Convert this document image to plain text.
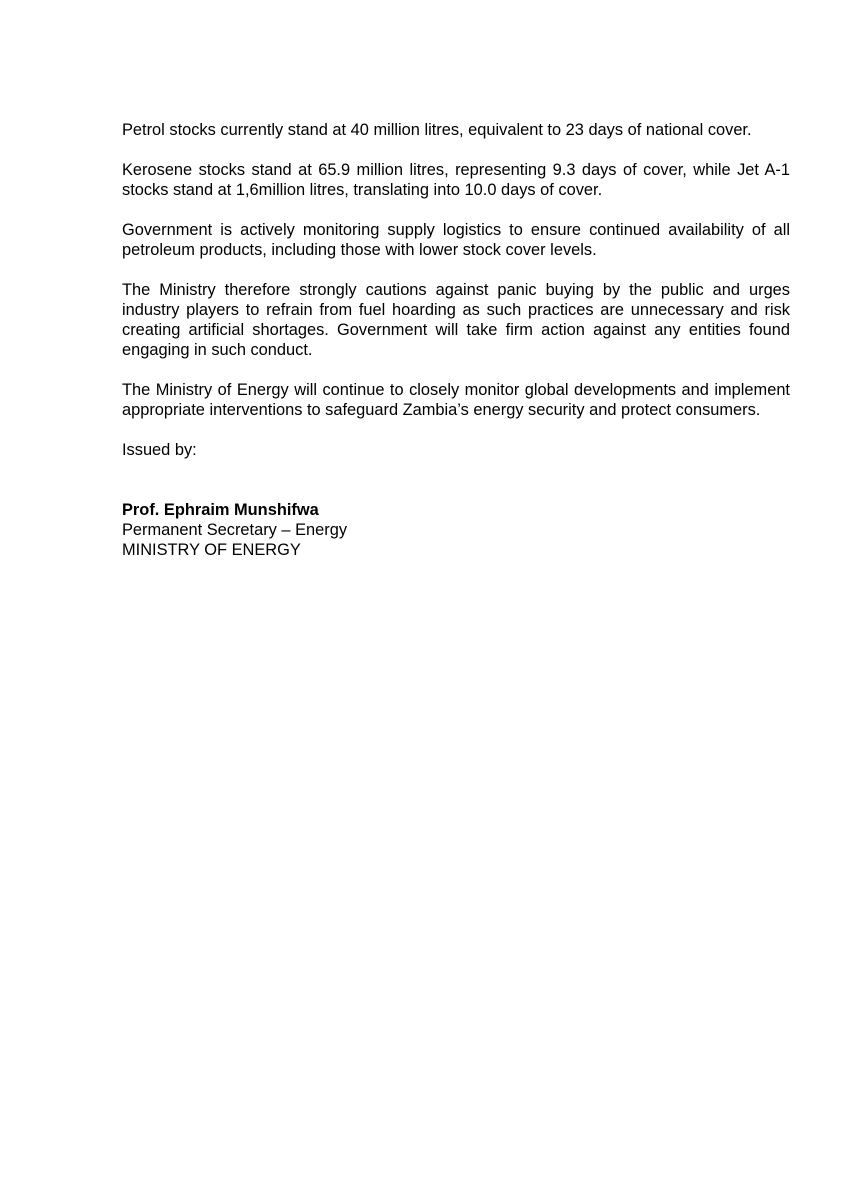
Petrol stocks currently stand at 40 million litres, equivalent to 23 days of national cover.

Kerosene stocks stand at 65.9 million litres, representing 9.3 days of cover, while Jet A-1 stocks stand at 1,6million litres, translating into 10.0 days of cover.

Government is actively monitoring supply logistics to ensure continued availability of all petroleum products, including those with lower stock cover levels.

The Ministry therefore strongly cautions against panic buying by the public and urges industry players to refrain from fuel hoarding as such practices are unnecessary and risk creating artificial shortages. Government will take firm action against any entities found engaging in such conduct.

The Ministry of Energy will continue to closely monitor global developments and implement appropriate interventions to safeguard Zambia’s energy security and protect consumers.

Issued by:

Prof. Ephraim Munshifwa

Permanent Secretary – Energy

MINISTRY OF ENERGY
